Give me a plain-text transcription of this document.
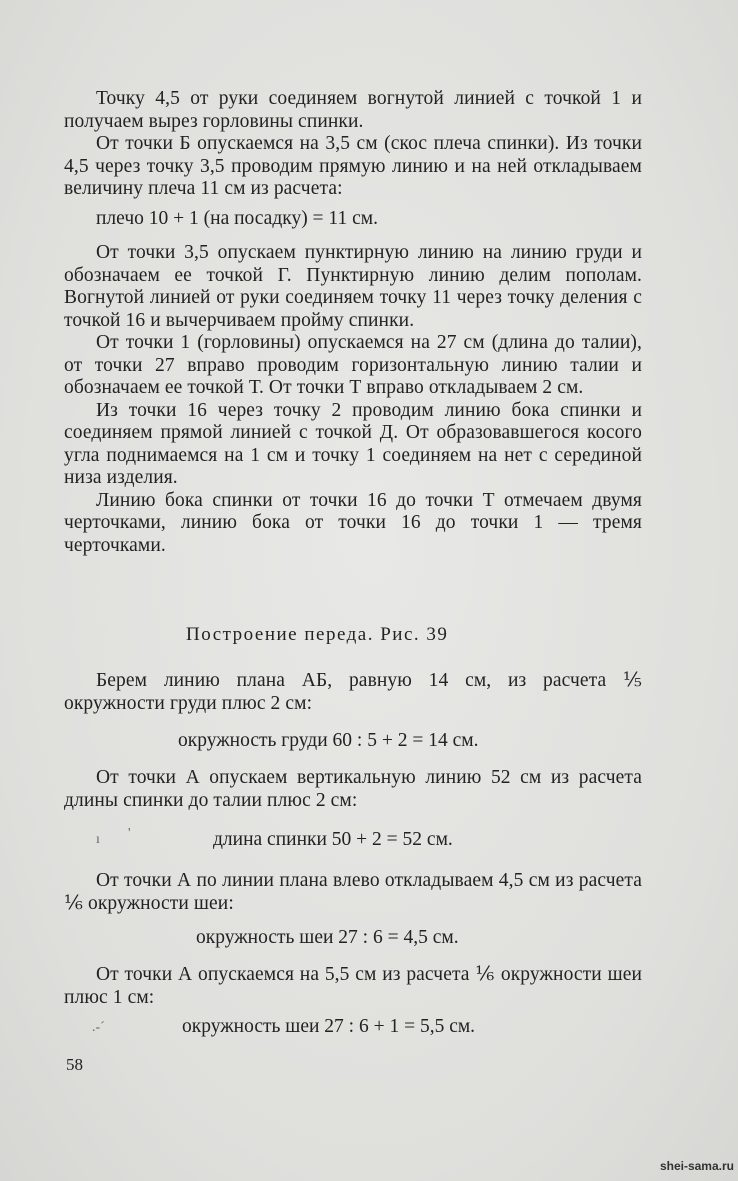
Точку 4,5 от руки соединяем вогнутой линией с точкой 1 и получаем вырез горловины спинки.

От точки Б опускаемся на 3,5 см (скос плеча спинки). Из точки 4,5 через точку 3,5 проводим прямую линию и на ней откладываем величину плеча 11 см из расчета:

плечо 10 + 1 (на посадку) = 11 см.

От точки 3,5 опускаем пунктирную линию на линию груди и обозначаем ее точкой Г. Пунктирную линию делим пополам. Вогнутой линией от руки соединяем точку 11 через точку деления с точкой 16 и вычерчиваем пройму спинки.

От точки 1 (горловины) опускаемся на 27 см (длина до талии), от точки 27 вправо проводим горизонтальную линию талии и обозначаем ее точкой Т. От точки Т вправо откладываем 2 см.

Из точки 16 через точку 2 проводим линию бока спинки и соединяем прямой линией с точкой Д. От образовавшегося косого угла поднимаемся на 1 см и точку 1 соединяем на нет с серединой низа изделия.

Линию бока спинки от точки 16 до точки Т отмечаем двумя черточками, линию бока от точки 16 до точки 1 — тремя черточками.

Построение переда. Рис. 39

Берем линию плана АБ, равную 14 см, из расчета ⅕ окружности груди плюс 2 см:

окружность груди 60 : 5 + 2 = 14 см.

От точки А опускаем вертикальную линию 52 см из расчета длины спинки до талии плюс 2 см:

длина спинки 50 + 2 = 52 см.

От точки А по линии плана влево откладываем 4,5 см из расчета ⅙ окружности шеи:

окружность шеи 27 : 6 = 4,5 см.

От точки А опускаемся на 5,5 см из расчета ⅙ окружности шеи плюс 1 см:

окружность шеи 27 : 6 + 1 = 5,5 см.
58
ı '
.-ˊ
shei-sama.ru
